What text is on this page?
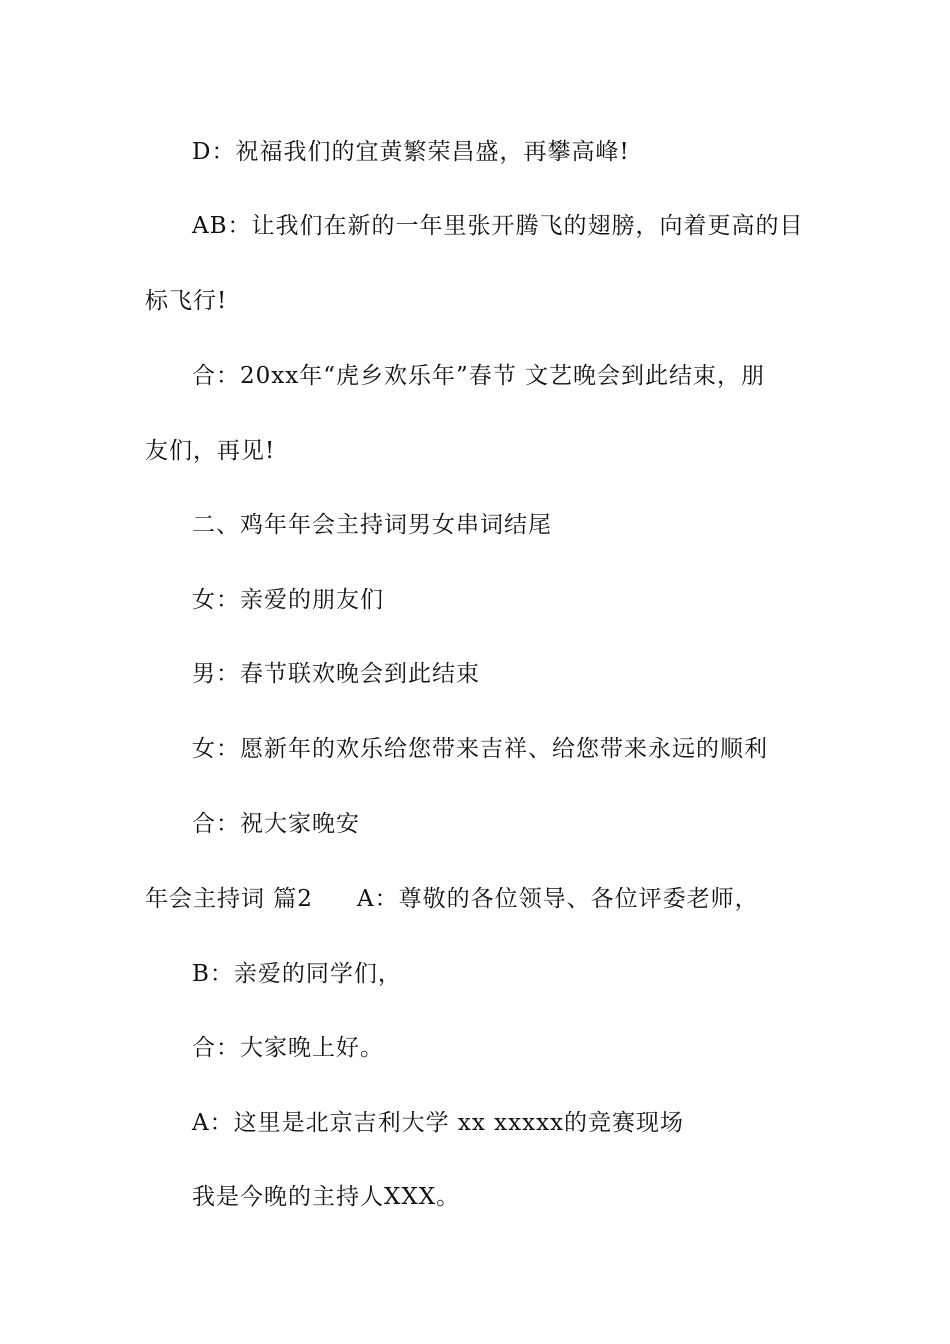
D：祝福我们的宜黄繁荣昌盛，再攀高峰!
AB：让我们在新的一年里张开腾飞的翅膀，向着更高的目
标飞行!
合：20xx年“虎乡欢乐年”春节 文艺晚会到此结束，朋
友们，再见!
二、鸡年年会主持词男女串词结尾
女：亲爱的朋友们
男：春节联欢晚会到此结束
女：愿新年的欢乐给您带来吉祥、给您带来永远的顺利
合：祝大家晚安
年会主持词 篇2 A：尊敬的各位领导、各位评委老师，
B：亲爱的同学们，
合：大家晚上好。
A：这里是北京吉利大学 xx xxxxx的竞赛现场
我是今晚的主持人XXX。
